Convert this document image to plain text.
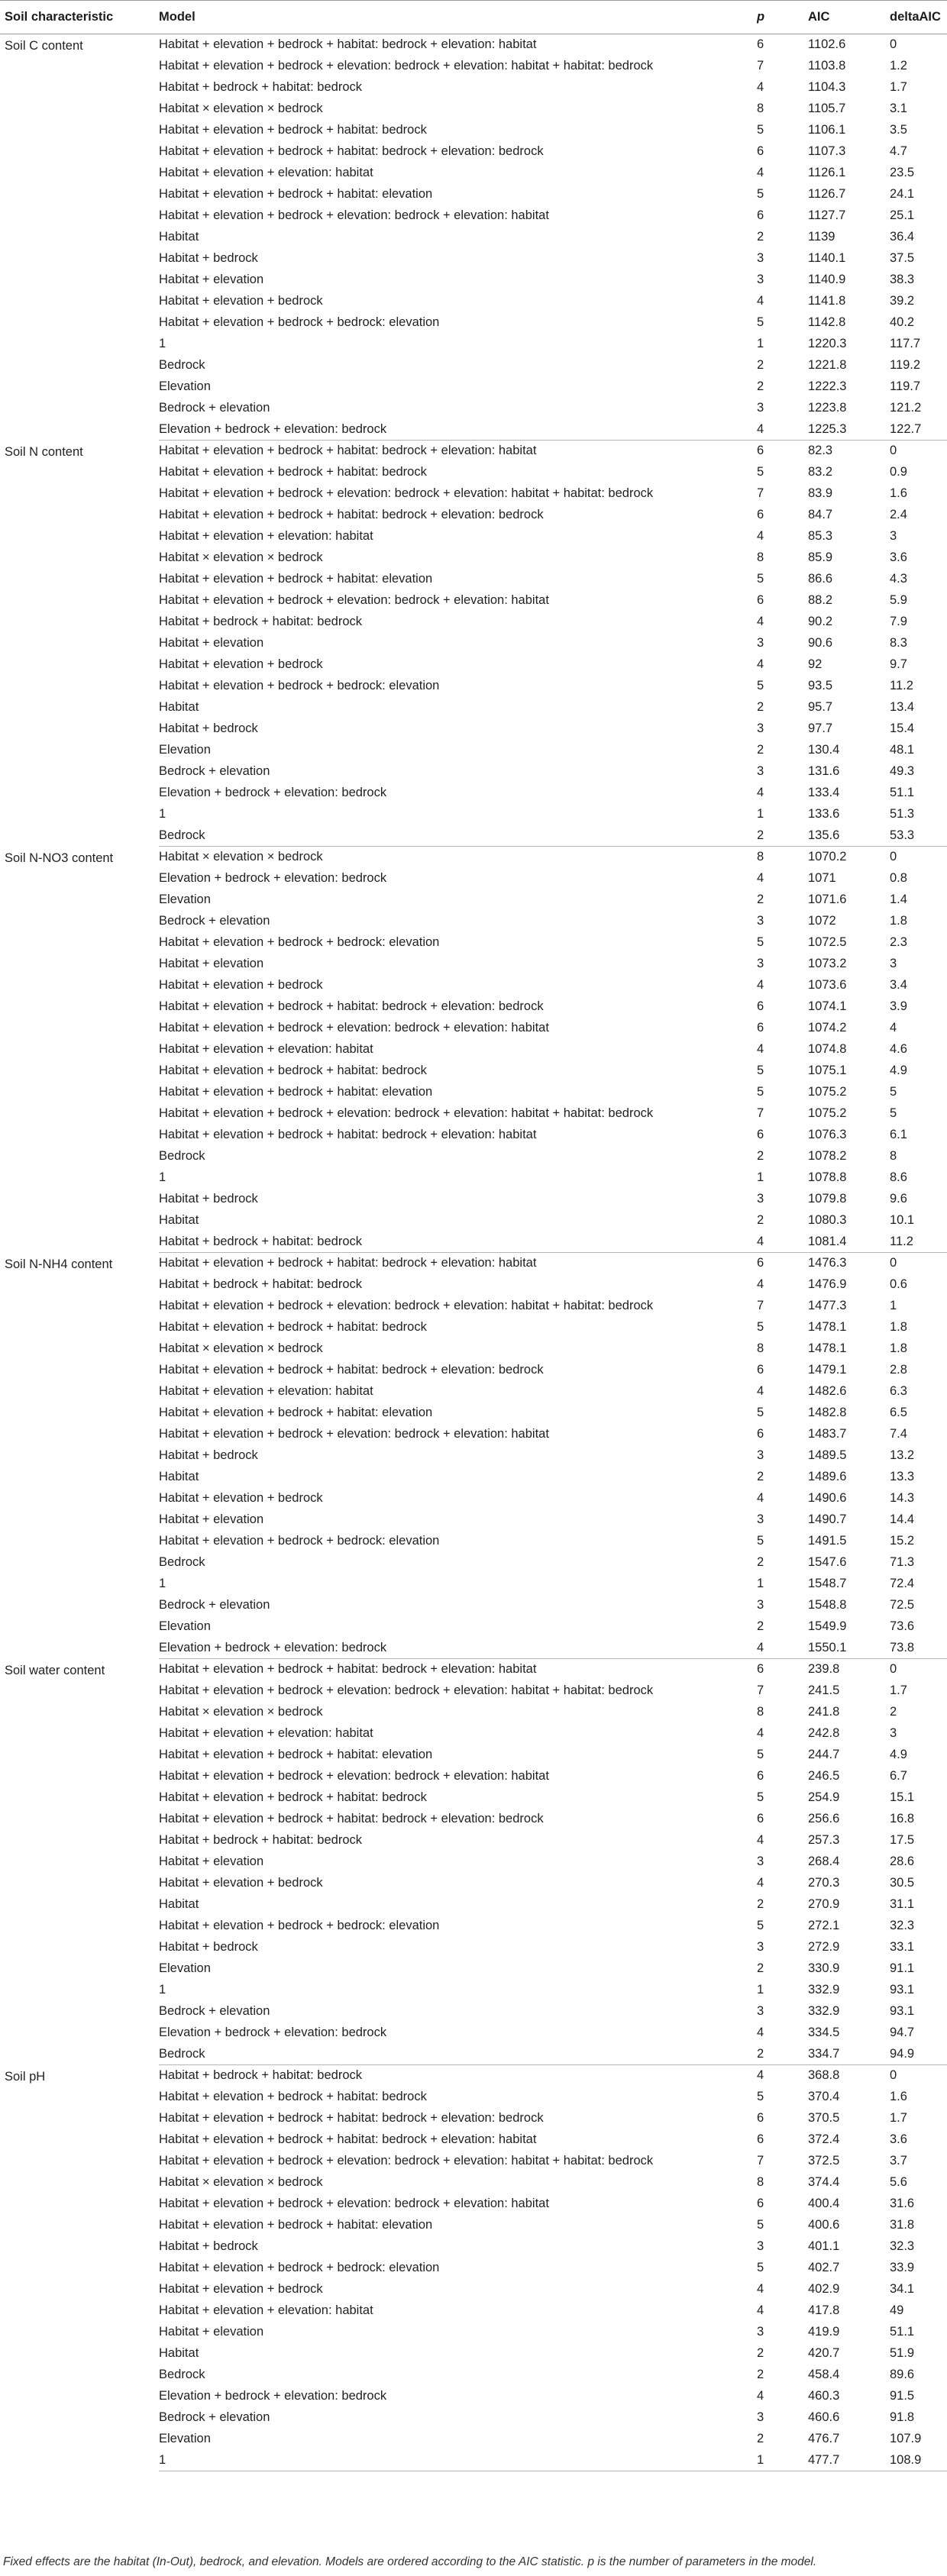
Soil characteristic	Model	p	AIC	deltaAIC
Soil C content	Habitat + elevation + bedrock + habitat: bedrock + elevation: habitat	6	1102.6	0
	Habitat + elevation + bedrock + elevation: bedrock + elevation: habitat + habitat: bedrock	7	1103.8	1.2
	Habitat + bedrock + habitat: bedrock	4	1104.3	1.7
	Habitat × elevation × bedrock	8	1105.7	3.1
	Habitat + elevation + bedrock + habitat: bedrock	5	1106.1	3.5
	Habitat + elevation + bedrock + habitat: bedrock + elevation: bedrock	6	1107.3	4.7
	Habitat + elevation + elevation: habitat	4	1126.1	23.5
	Habitat + elevation + bedrock + habitat: elevation	5	1126.7	24.1
	Habitat + elevation + bedrock + elevation: bedrock + elevation: habitat	6	1127.7	25.1
	Habitat	2	1139	36.4
	Habitat + bedrock	3	1140.1	37.5
	Habitat + elevation	3	1140.9	38.3
	Habitat + elevation + bedrock	4	1141.8	39.2
	Habitat + elevation + bedrock + bedrock: elevation	5	1142.8	40.2
	1	1	1220.3	117.7
	Bedrock	2	1221.8	119.2
	Elevation	2	1222.3	119.7
	Bedrock + elevation	3	1223.8	121.2
	Elevation + bedrock + elevation: bedrock	4	1225.3	122.7
Soil N content	Habitat + elevation + bedrock + habitat: bedrock + elevation: habitat	6	82.3	0
	Habitat + elevation + bedrock + habitat: bedrock	5	83.2	0.9
	Habitat + elevation + bedrock + elevation: bedrock + elevation: habitat + habitat: bedrock	7	83.9	1.6
	Habitat + elevation + bedrock + habitat: bedrock + elevation: bedrock	6	84.7	2.4
	Habitat + elevation + elevation: habitat	4	85.3	3
	Habitat × elevation × bedrock	8	85.9	3.6
	Habitat + elevation + bedrock + habitat: elevation	5	86.6	4.3
	Habitat + elevation + bedrock + elevation: bedrock + elevation: habitat	6	88.2	5.9
	Habitat + bedrock + habitat: bedrock	4	90.2	7.9
	Habitat + elevation	3	90.6	8.3
	Habitat + elevation + bedrock	4	92	9.7
	Habitat + elevation + bedrock + bedrock: elevation	5	93.5	11.2
	Habitat	2	95.7	13.4
	Habitat + bedrock	3	97.7	15.4
	Elevation	2	130.4	48.1
	Bedrock + elevation	3	131.6	49.3
	Elevation + bedrock + elevation: bedrock	4	133.4	51.1
	1	1	133.6	51.3
	Bedrock	2	135.6	53.3
Soil N-NO3 content	Habitat × elevation × bedrock	8	1070.2	0
	Elevation + bedrock + elevation: bedrock	4	1071	0.8
	Elevation	2	1071.6	1.4
	Bedrock + elevation	3	1072	1.8
	Habitat + elevation + bedrock + bedrock: elevation	5	1072.5	2.3
	Habitat + elevation	3	1073.2	3
	Habitat + elevation + bedrock	4	1073.6	3.4
	Habitat + elevation + bedrock + habitat: bedrock + elevation: bedrock	6	1074.1	3.9
	Habitat + elevation + bedrock + elevation: bedrock + elevation: habitat	6	1074.2	4
	Habitat + elevation + elevation: habitat	4	1074.8	4.6
	Habitat + elevation + bedrock + habitat: bedrock	5	1075.1	4.9
	Habitat + elevation + bedrock + habitat: elevation	5	1075.2	5
	Habitat + elevation + bedrock + elevation: bedrock + elevation: habitat + habitat: bedrock	7	1075.2	5
	Habitat + elevation + bedrock + habitat: bedrock + elevation: habitat	6	1076.3	6.1
	Bedrock	2	1078.2	8
	1	1	1078.8	8.6
	Habitat + bedrock	3	1079.8	9.6
	Habitat	2	1080.3	10.1
	Habitat + bedrock + habitat: bedrock	4	1081.4	11.2
Soil N-NH4 content	Habitat + elevation + bedrock + habitat: bedrock + elevation: habitat	6	1476.3	0
	Habitat + bedrock + habitat: bedrock	4	1476.9	0.6
	Habitat + elevation + bedrock + elevation: bedrock + elevation: habitat + habitat: bedrock	7	1477.3	1
	Habitat + elevation + bedrock + habitat: bedrock	5	1478.1	1.8
	Habitat × elevation × bedrock	8	1478.1	1.8
	Habitat + elevation + bedrock + habitat: bedrock + elevation: bedrock	6	1479.1	2.8
	Habitat + elevation + elevation: habitat	4	1482.6	6.3
	Habitat + elevation + bedrock + habitat: elevation	5	1482.8	6.5
	Habitat + elevation + bedrock + elevation: bedrock + elevation: habitat	6	1483.7	7.4
	Habitat + bedrock	3	1489.5	13.2
	Habitat	2	1489.6	13.3
	Habitat + elevation + bedrock	4	1490.6	14.3
	Habitat + elevation	3	1490.7	14.4
	Habitat + elevation + bedrock + bedrock: elevation	5	1491.5	15.2
	Bedrock	2	1547.6	71.3
	1	1	1548.7	72.4
	Bedrock + elevation	3	1548.8	72.5
	Elevation	2	1549.9	73.6
	Elevation + bedrock + elevation: bedrock	4	1550.1	73.8
Soil water content	Habitat + elevation + bedrock + habitat: bedrock + elevation: habitat	6	239.8	0
	Habitat + elevation + bedrock + elevation: bedrock + elevation: habitat + habitat: bedrock	7	241.5	1.7
	Habitat × elevation × bedrock	8	241.8	2
	Habitat + elevation + elevation: habitat	4	242.8	3
	Habitat + elevation + bedrock + habitat: elevation	5	244.7	4.9
	Habitat + elevation + bedrock + elevation: bedrock + elevation: habitat	6	246.5	6.7
	Habitat + elevation + bedrock + habitat: bedrock	5	254.9	15.1
	Habitat + elevation + bedrock + habitat: bedrock + elevation: bedrock	6	256.6	16.8
	Habitat + bedrock + habitat: bedrock	4	257.3	17.5
	Habitat + elevation	3	268.4	28.6
	Habitat + elevation + bedrock	4	270.3	30.5
	Habitat	2	270.9	31.1
	Habitat + elevation + bedrock + bedrock: elevation	5	272.1	32.3
	Habitat + bedrock	3	272.9	33.1
	Elevation	2	330.9	91.1
	1	1	332.9	93.1
	Bedrock + elevation	3	332.9	93.1
	Elevation + bedrock + elevation: bedrock	4	334.5	94.7
	Bedrock	2	334.7	94.9
Soil pH	Habitat + bedrock + habitat: bedrock	4	368.8	0
	Habitat + elevation + bedrock + habitat: bedrock	5	370.4	1.6
	Habitat + elevation + bedrock + habitat: bedrock + elevation: bedrock	6	370.5	1.7
	Habitat + elevation + bedrock + habitat: bedrock + elevation: habitat	6	372.4	3.6
	Habitat + elevation + bedrock + elevation: bedrock + elevation: habitat + habitat: bedrock	7	372.5	3.7
	Habitat × elevation × bedrock	8	374.4	5.6
	Habitat + elevation + bedrock + elevation: bedrock + elevation: habitat	6	400.4	31.6
	Habitat + elevation + bedrock + habitat: elevation	5	400.6	31.8
	Habitat + bedrock	3	401.1	32.3
	Habitat + elevation + bedrock + bedrock: elevation	5	402.7	33.9
	Habitat + elevation + bedrock	4	402.9	34.1
	Habitat + elevation + elevation: habitat	4	417.8	49
	Habitat + elevation	3	419.9	51.1
	Habitat	2	420.7	51.9
	Bedrock	2	458.4	89.6
	Elevation + bedrock + elevation: bedrock	4	460.3	91.5
	Bedrock + elevation	3	460.6	91.8
	Elevation	2	476.7	107.9
	1	1	477.7	108.9
Fixed effects are the habitat (In-Out), bedrock, and elevation. Models are ordered according to the AIC statistic. p is the number of parameters in the model.
